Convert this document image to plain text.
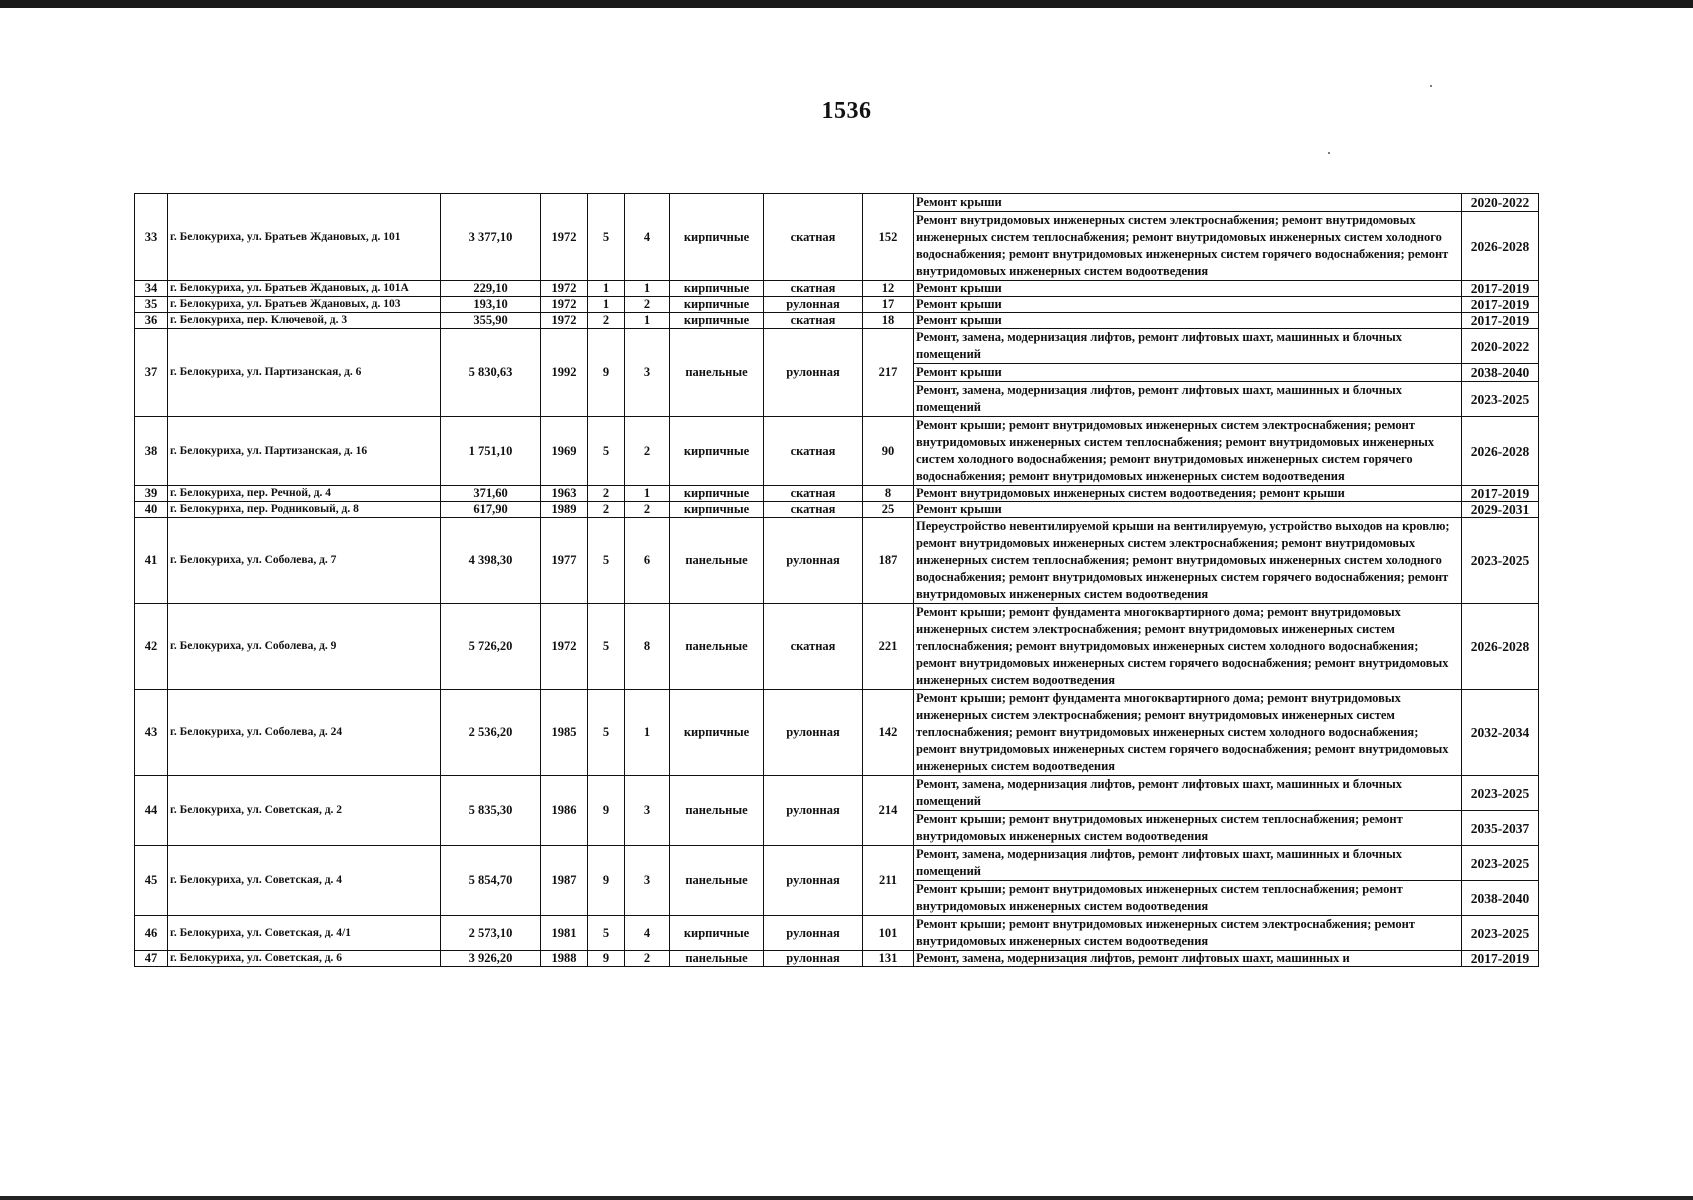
1536
33	г. Белокуриха, ул. Братьев Ждановых, д. 101	3 377,10	1972	5	4	кирпичные	скатная	152	Ремонт крыши	2020-2022
									Ремонт внутридомовых инженерных систем электроснабжения; ремонт внутридомовых инженерных систем теплоснабжения; ремонт внутридомовых инженерных систем холодного водоснабжения; ремонт внутридомовых инженерных систем горячего водоснабжения; ремонт внутридомовых инженерных систем водоотведения	2026-2028
34	г. Белокуриха, ул. Братьев Ждановых, д. 101А	229,10	1972	1	1	кирпичные	скатная	12	Ремонт крыши	2017-2019
35	г. Белокуриха, ул. Братьев Ждановых, д. 103	193,10	1972	1	2	кирпичные	рулонная	17	Ремонт крыши	2017-2019
36	г. Белокуриха, пер. Ключевой, д. 3	355,90	1972	2	1	кирпичные	скатная	18	Ремонт крыши	2017-2019
37	г. Белокуриха, ул. Партизанская, д. 6	5 830,63	1992	9	3	панельные	рулонная	217	Ремонт, замена, модернизация лифтов, ремонт лифтовых шахт, машинных и блочных помещений	2020-2022
									Ремонт крыши	2038-2040
									Ремонт, замена, модернизация лифтов, ремонт лифтовых шахт, машинных и блочных помещений	2023-2025
38	г. Белокуриха, ул. Партизанская, д. 16	1 751,10	1969	5	2	кирпичные	скатная	90	Ремонт крыши; ремонт внутридомовых инженерных систем электроснабжения; ремонт внутридомовых инженерных систем теплоснабжения; ремонт внутридомовых инженерных систем холодного водоснабжения; ремонт внутридомовых инженерных систем горячего водоснабжения; ремонт внутридомовых инженерных систем водоотведения	2026-2028
39	г. Белокуриха, пер. Речной, д. 4	371,60	1963	2	1	кирпичные	скатная	8	Ремонт внутридомовых инженерных систем водоотведения; ремонт крыши	2017-2019
40	г. Белокуриха, пер. Родниковый, д. 8	617,90	1989	2	2	кирпичные	скатная	25	Ремонт крыши	2029-2031
41	г. Белокуриха, ул. Соболева, д. 7	4 398,30	1977	5	6	панельные	рулонная	187	Переустройство невентилируемой крыши на вентилируемую, устройство выходов на кровлю; ремонт внутридомовых инженерных систем электроснабжения; ремонт внутридомовых инженерных систем теплоснабжения; ремонт внутридомовых инженерных систем холодного водоснабжения; ремонт внутридомовых инженерных систем горячего водоснабжения; ремонт внутридомовых инженерных систем водоотведения	2023-2025
42	г. Белокуриха, ул. Соболева, д. 9	5 726,20	1972	5	8	панельные	скатная	221	Ремонт крыши; ремонт фундамента многоквартирного дома; ремонт внутридомовых инженерных систем электроснабжения; ремонт внутридомовых инженерных систем теплоснабжения; ремонт внутридомовых инженерных систем холодного водоснабжения; ремонт внутридомовых инженерных систем горячего водоснабжения; ремонт внутридомовых инженерных систем водоотведения	2026-2028
43	г. Белокуриха, ул. Соболева, д. 24	2 536,20	1985	5	1	кирпичные	рулонная	142	Ремонт крыши; ремонт фундамента многоквартирного дома; ремонт внутридомовых инженерных систем электроснабжения; ремонт внутридомовых инженерных систем теплоснабжения; ремонт внутридомовых инженерных систем холодного водоснабжения; ремонт внутридомовых инженерных систем горячего водоснабжения; ремонт внутридомовых инженерных систем водоотведения	2032-2034
44	г. Белокуриха, ул. Советская, д. 2	5 835,30	1986	9	3	панельные	рулонная	214	Ремонт, замена, модернизация лифтов, ремонт лифтовых шахт, машинных и блочных помещений	2023-2025
									Ремонт крыши; ремонт внутридомовых инженерных систем теплоснабжения; ремонт внутридомовых инженерных систем водоотведения	2035-2037
45	г. Белокуриха, ул. Советская, д. 4	5 854,70	1987	9	3	панельные	рулонная	211	Ремонт, замена, модернизация лифтов, ремонт лифтовых шахт, машинных и блочных помещений	2023-2025
									Ремонт крыши; ремонт внутридомовых инженерных систем теплоснабжения; ремонт внутридомовых инженерных систем водоотведения	2038-2040
46	г. Белокуриха, ул. Советская, д. 4/1	2 573,10	1981	5	4	кирпичные	рулонная	101	Ремонт крыши; ремонт внутридомовых инженерных систем электроснабжения; ремонт внутридомовых инженерных систем водоотведения	2023-2025
47	г. Белокуриха, ул. Советская, д. 6	3 926,20	1988	9	2	панельные	рулонная	131	Ремонт, замена, модернизация лифтов, ремонт лифтовых шахт, машинных и	2017-2019
